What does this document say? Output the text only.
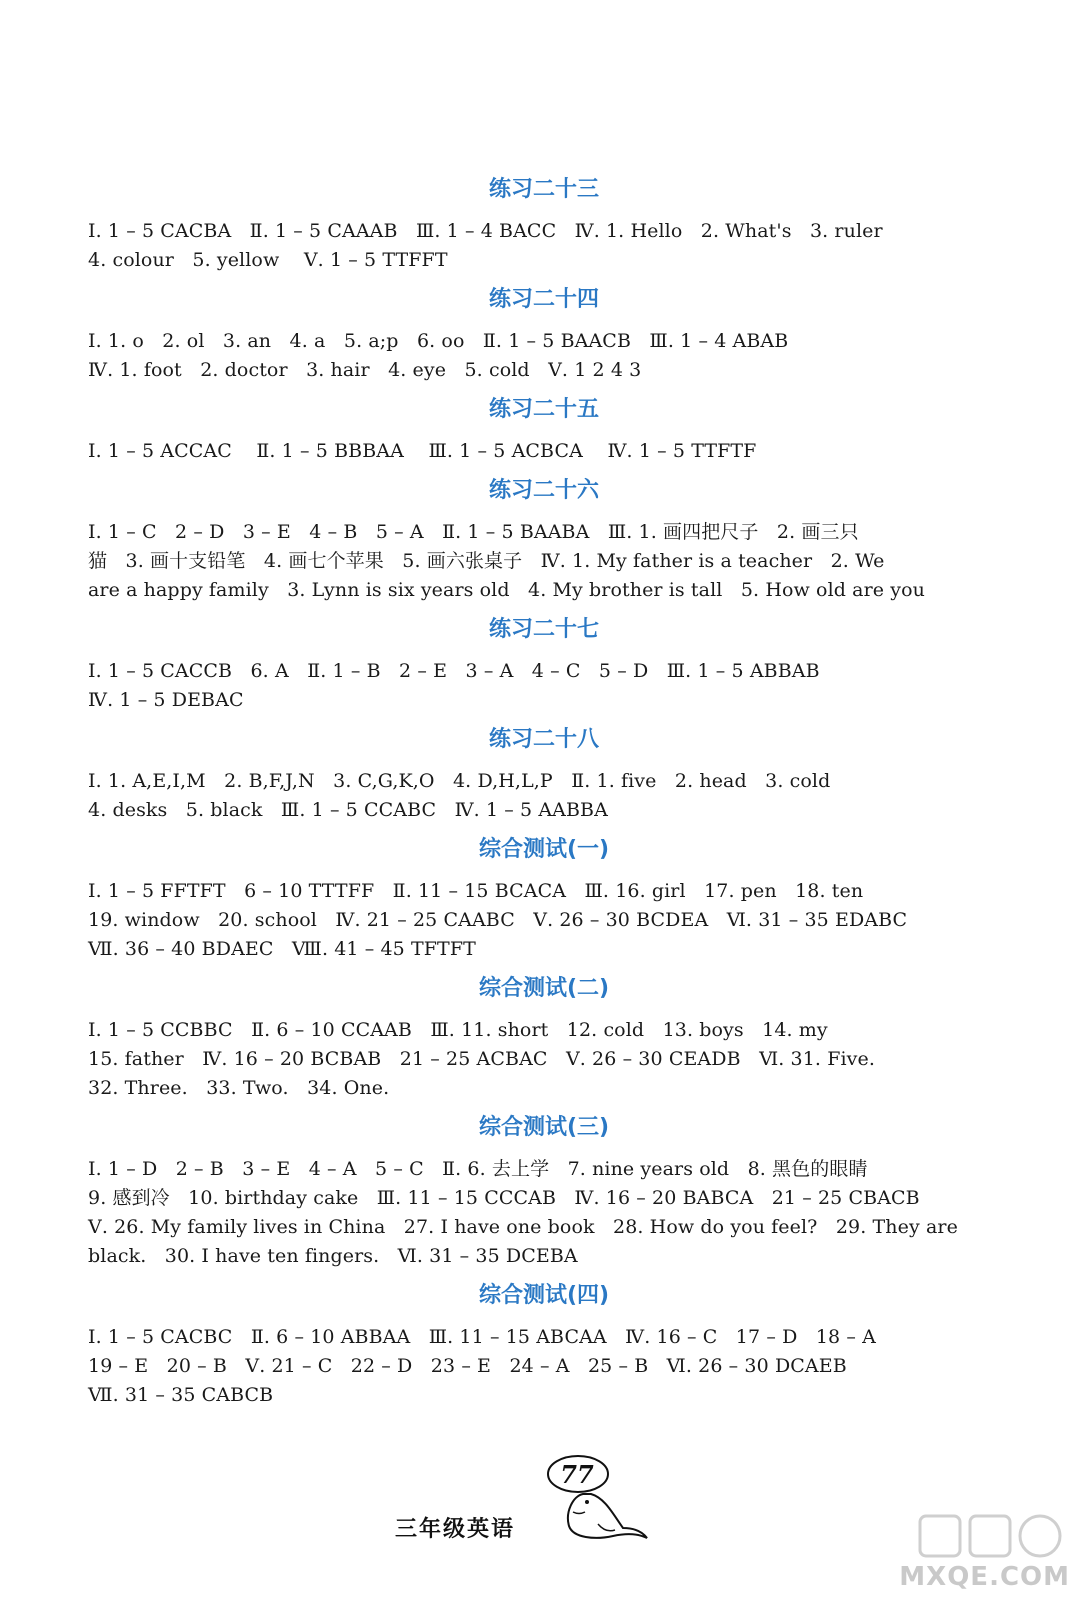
练习二十三
Ⅰ. 1 – 5 CACBA   Ⅱ. 1 – 5 CAAAB   Ⅲ. 1 – 4 BACC   Ⅳ. 1. Hello   2. What's   3. ruler
4. colour   5. yellow    Ⅴ. 1 – 5 TTFFT
练习二十四
Ⅰ. 1. o   2. ol   3. an   4. a   5. a;p   6. oo   Ⅱ. 1 – 5 BAACB   Ⅲ. 1 – 4 ABAB
Ⅳ. 1. foot   2. doctor   3. hair   4. eye   5. cold   Ⅴ. 1 2 4 3
练习二十五
Ⅰ. 1 – 5 ACCAC    Ⅱ. 1 – 5 BBBAA    Ⅲ. 1 – 5 ACBCA    Ⅳ. 1 – 5 TTFTF
练习二十六
Ⅰ. 1 – C   2 – D   3 – E   4 – B   5 – A   Ⅱ. 1 – 5 BAABA   Ⅲ. 1. 画四把尺子   2. 画三只
猫   3. 画十支铅笔   4. 画七个苹果   5. 画六张桌子   Ⅳ. 1. My father is a teacher   2. We
are a happy family   3. Lynn is six years old   4. My brother is tall   5. How old are you
练习二十七
Ⅰ. 1 – 5 CACCB   6. A   Ⅱ. 1 – B   2 – E   3 – A   4 – C   5 – D   Ⅲ. 1 – 5 ABBAB
Ⅳ. 1 – 5 DEBAC
练习二十八
Ⅰ. 1. A,E,I,M   2. B,F,J,N   3. C,G,K,O   4. D,H,L,P   Ⅱ. 1. five   2. head   3. cold
4. desks   5. black   Ⅲ. 1 – 5 CCABC   Ⅳ. 1 – 5 AABBA
综合测试(一)
Ⅰ. 1 – 5 FFTFT   6 – 10 TTTFF   Ⅱ. 11 – 15 BCACA   Ⅲ. 16. girl   17. pen   18. ten
19. window   20. school   Ⅳ. 21 – 25 CAABC   Ⅴ. 26 – 30 BCDEA   Ⅵ. 31 – 35 EDABC
Ⅶ. 36 – 40 BDAEC   Ⅷ. 41 – 45 TFTFT
综合测试(二)
Ⅰ. 1 – 5 CCBBC   Ⅱ. 6 – 10 CCAAB   Ⅲ. 11. short   12. cold   13. boys   14. my
15. father   Ⅳ. 16 – 20 BCBAB   21 – 25 ACBAC   Ⅴ. 26 – 30 CEADB   Ⅵ. 31. Five.
32. Three.   33. Two.   34. One.
综合测试(三)
Ⅰ. 1 – D   2 – B   3 – E   4 – A   5 – C   Ⅱ. 6. 去上学   7. nine years old   8. 黑色的眼睛
9. 感到冷   10. birthday cake   Ⅲ. 11 – 15 CCCAB   Ⅳ. 16 – 20 BABCA   21 – 25 CBACB
Ⅴ. 26. My family lives in China   27. I have one book   28. How do you feel?   29. They are
black.   30. I have ten fingers.   Ⅵ. 31 – 35 DCEBA
综合测试(四)
Ⅰ. 1 – 5 CACBC   Ⅱ. 6 – 10 ABBAA   Ⅲ. 11 – 15 ABCAA   Ⅳ. 16 – C   17 – D   18 – A
19 – E   20 – B   Ⅴ. 21 – C   22 – D   23 – E   24 – A   25 – B   Ⅵ. 26 – 30 DCAEB
Ⅶ. 31 – 35 CABCB
三年级英语
77
MXQE.COM
